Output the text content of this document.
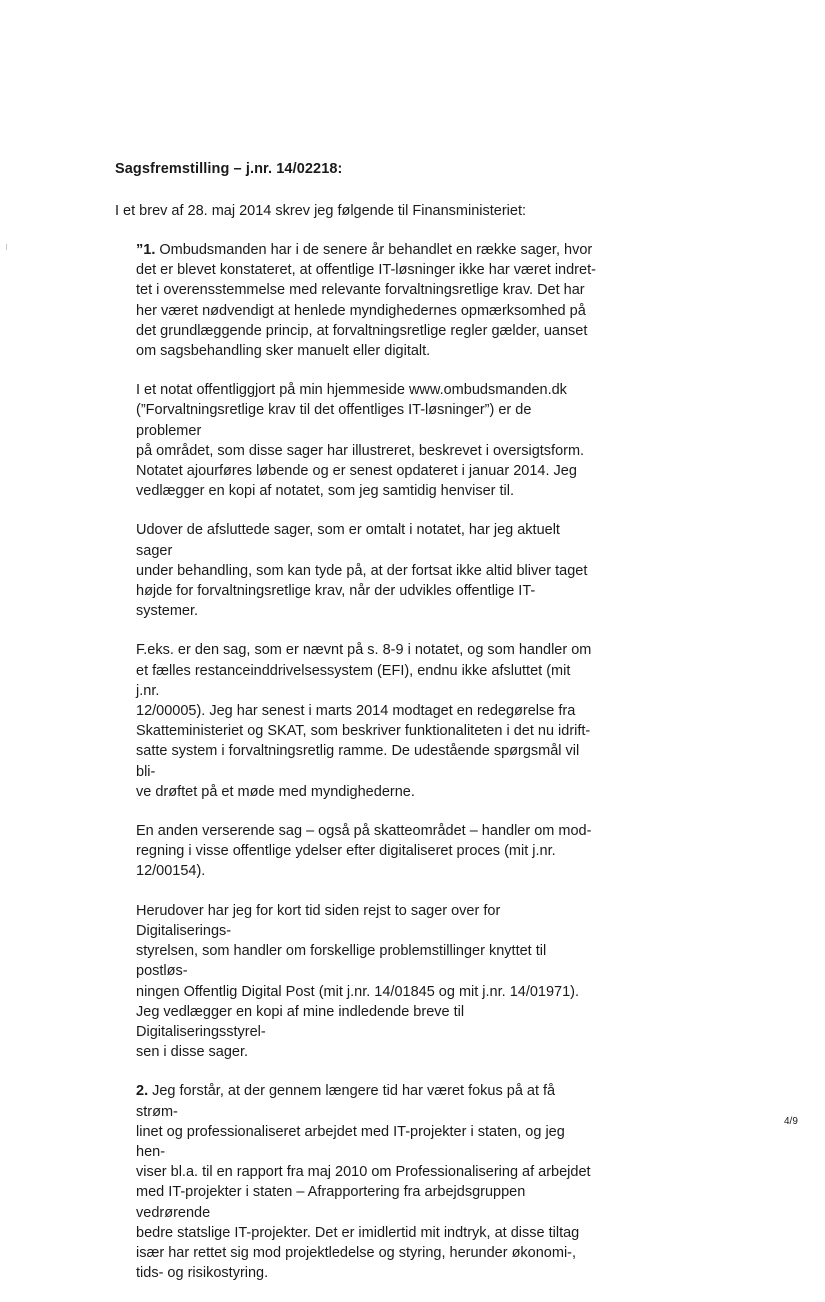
Sagsfremstilling – j.nr. 14/02218:
I et brev af 28. maj 2014 skrev jeg følgende til Finansministeriet:

”1. Ombudsmanden har i de senere år behandlet en række sager, hvor
det er blevet konstateret, at offentlige IT-løsninger ikke har været indret-
tet i overensstemmelse med relevante forvaltningsretlige krav. Det har
her været nødvendigt at henlede myndighedernes opmærksomhed på
det grundlæggende princip, at forvaltningsretlige regler gælder, uanset
om sagsbehandling sker manuelt eller digitalt.

I et notat offentliggjort på min hjemmeside www.ombudsmanden.dk
(”Forvaltningsretlige krav til det offentliges IT-løsninger”) er de problemer
på området, som disse sager har illustreret, beskrevet i oversigtsform.
Notatet ajourføres løbende og er senest opdateret i januar 2014. Jeg
vedlægger en kopi af notatet, som jeg samtidig henviser til.

Udover de afsluttede sager, som er omtalt i notatet, har jeg aktuelt sager
under behandling, som kan tyde på, at der fortsat ikke altid bliver taget
højde for forvaltningsretlige krav, når der udvikles offentlige IT-systemer.

F.eks. er den sag, som er nævnt på s. 8-9 i notatet, og som handler om
et fælles restanceinddrivelsessystem (EFI), endnu ikke afsluttet (mit j.nr.
12/00005). Jeg har senest i marts 2014 modtaget en redegørelse fra
Skatteministeriet og SKAT, som beskriver funktionaliteten i det nu idrift-
satte system i forvaltningsretlig ramme. De udestående spørgsmål vil bli-
ve drøftet på et møde med myndighederne.

En anden verserende sag – også på skatteområdet – handler om mod-
regning i visse offentlige ydelser efter digitaliseret proces (mit j.nr.
12/00154).

Herudover har jeg for kort tid siden rejst to sager over for Digitaliserings-
styrelsen, som handler om forskellige problemstillinger knyttet til postløs-
ningen Offentlig Digital Post (mit j.nr. 14/01845 og mit j.nr. 14/01971).
Jeg vedlægger en kopi af mine indledende breve til Digitaliseringsstyrel-
sen i disse sager.

2. Jeg forstår, at der gennem længere tid har været fokus på at få strøm-
linet og professionaliseret arbejdet med IT-projekter i staten, og jeg hen-
viser bl.a. til en rapport fra maj 2010 om Professionalisering af arbejdet
med IT-projekter i staten – Afrapportering fra arbejdsgruppen vedrørende
bedre statslige IT-projekter. Det er imidlertid mit indtryk, at disse tiltag
især har rettet sig mod projektledelse og styring, herunder økonomi-,
tids- og risikostyring.

4/9
